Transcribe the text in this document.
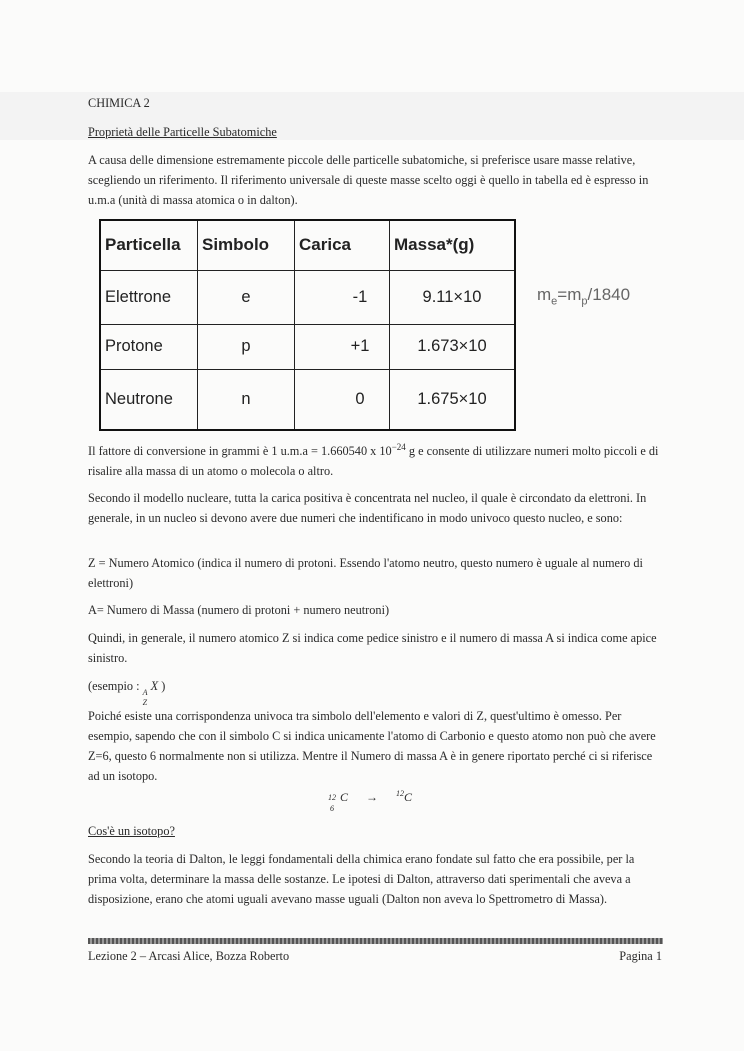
CHIMICA 2
Proprietà delle Particelle Subatomiche
A causa delle dimensione estremamente piccole delle particelle subatomiche, si preferisce usare masse relative, scegliendo un riferimento. Il riferimento universale di queste masse scelto oggi è quello in tabella ed è espresso in u.m.a (unità di massa atomica o in dalton).
Particella	Simbolo	Carica	Massa*(g)
Elettrone	e	-1	9.11×10
Protone	p	+1	1.673×10
Neutrone	n	0	1.675×10
$m_e=m_p/1840$
Il fattore di conversione in grammi è 1 u.m.a = 1.660540 x $10^{-24}$ g e consente di utilizzare numeri molto piccoli e di risalire alla massa di un atomo o molecola o altro.
Secondo il modello nucleare, tutta la carica positiva è concentrata nel nucleo, il quale è circondato da elettroni. In generale, in un nucleo si devono avere due numeri che indentificano in modo univoco questo nucleo, e sono:
Z = Numero Atomico (indica il numero di protoni. Essendo l'atomo neutro, questo numero è uguale al numero di elettroni)
A= Numero di Massa (numero di protoni + numero neutroni)
Quindi, in generale, il numero atomico Z si indica come pedice sinistro e il numero di massa A si indica come apice sinistro.
(esempio : A
Z
X )
Poiché esiste una corrispondenza univoca tra simbolo dell'elemento e valori di Z, quest'ultimo è omesso. Per esempio, sapendo che con il simbolo C si indica unicamente l'atomo di Carbonio e questo atomo non può che avere Z=6, questo 6 normalmente non si utilizza. Mentre il Numero di massa A è in genere riportato perché ci si riferisce ad un isotopo.
12
6
C → $^{12}$C
Cos'è un isotopo?
Secondo la teoria di Dalton, le leggi fondamentali della chimica erano fondate sul fatto che era possibile, per la prima volta, determinare la massa delle sostanze. Le ipotesi di Dalton, attraverso dati sperimentali che aveva a disposizione, erano che atomi uguali avevano masse uguali (Dalton non aveva lo Spettrometro di Massa).
Lezione 2 – Arcasi Alice, Bozza Roberto	Pagina 1
